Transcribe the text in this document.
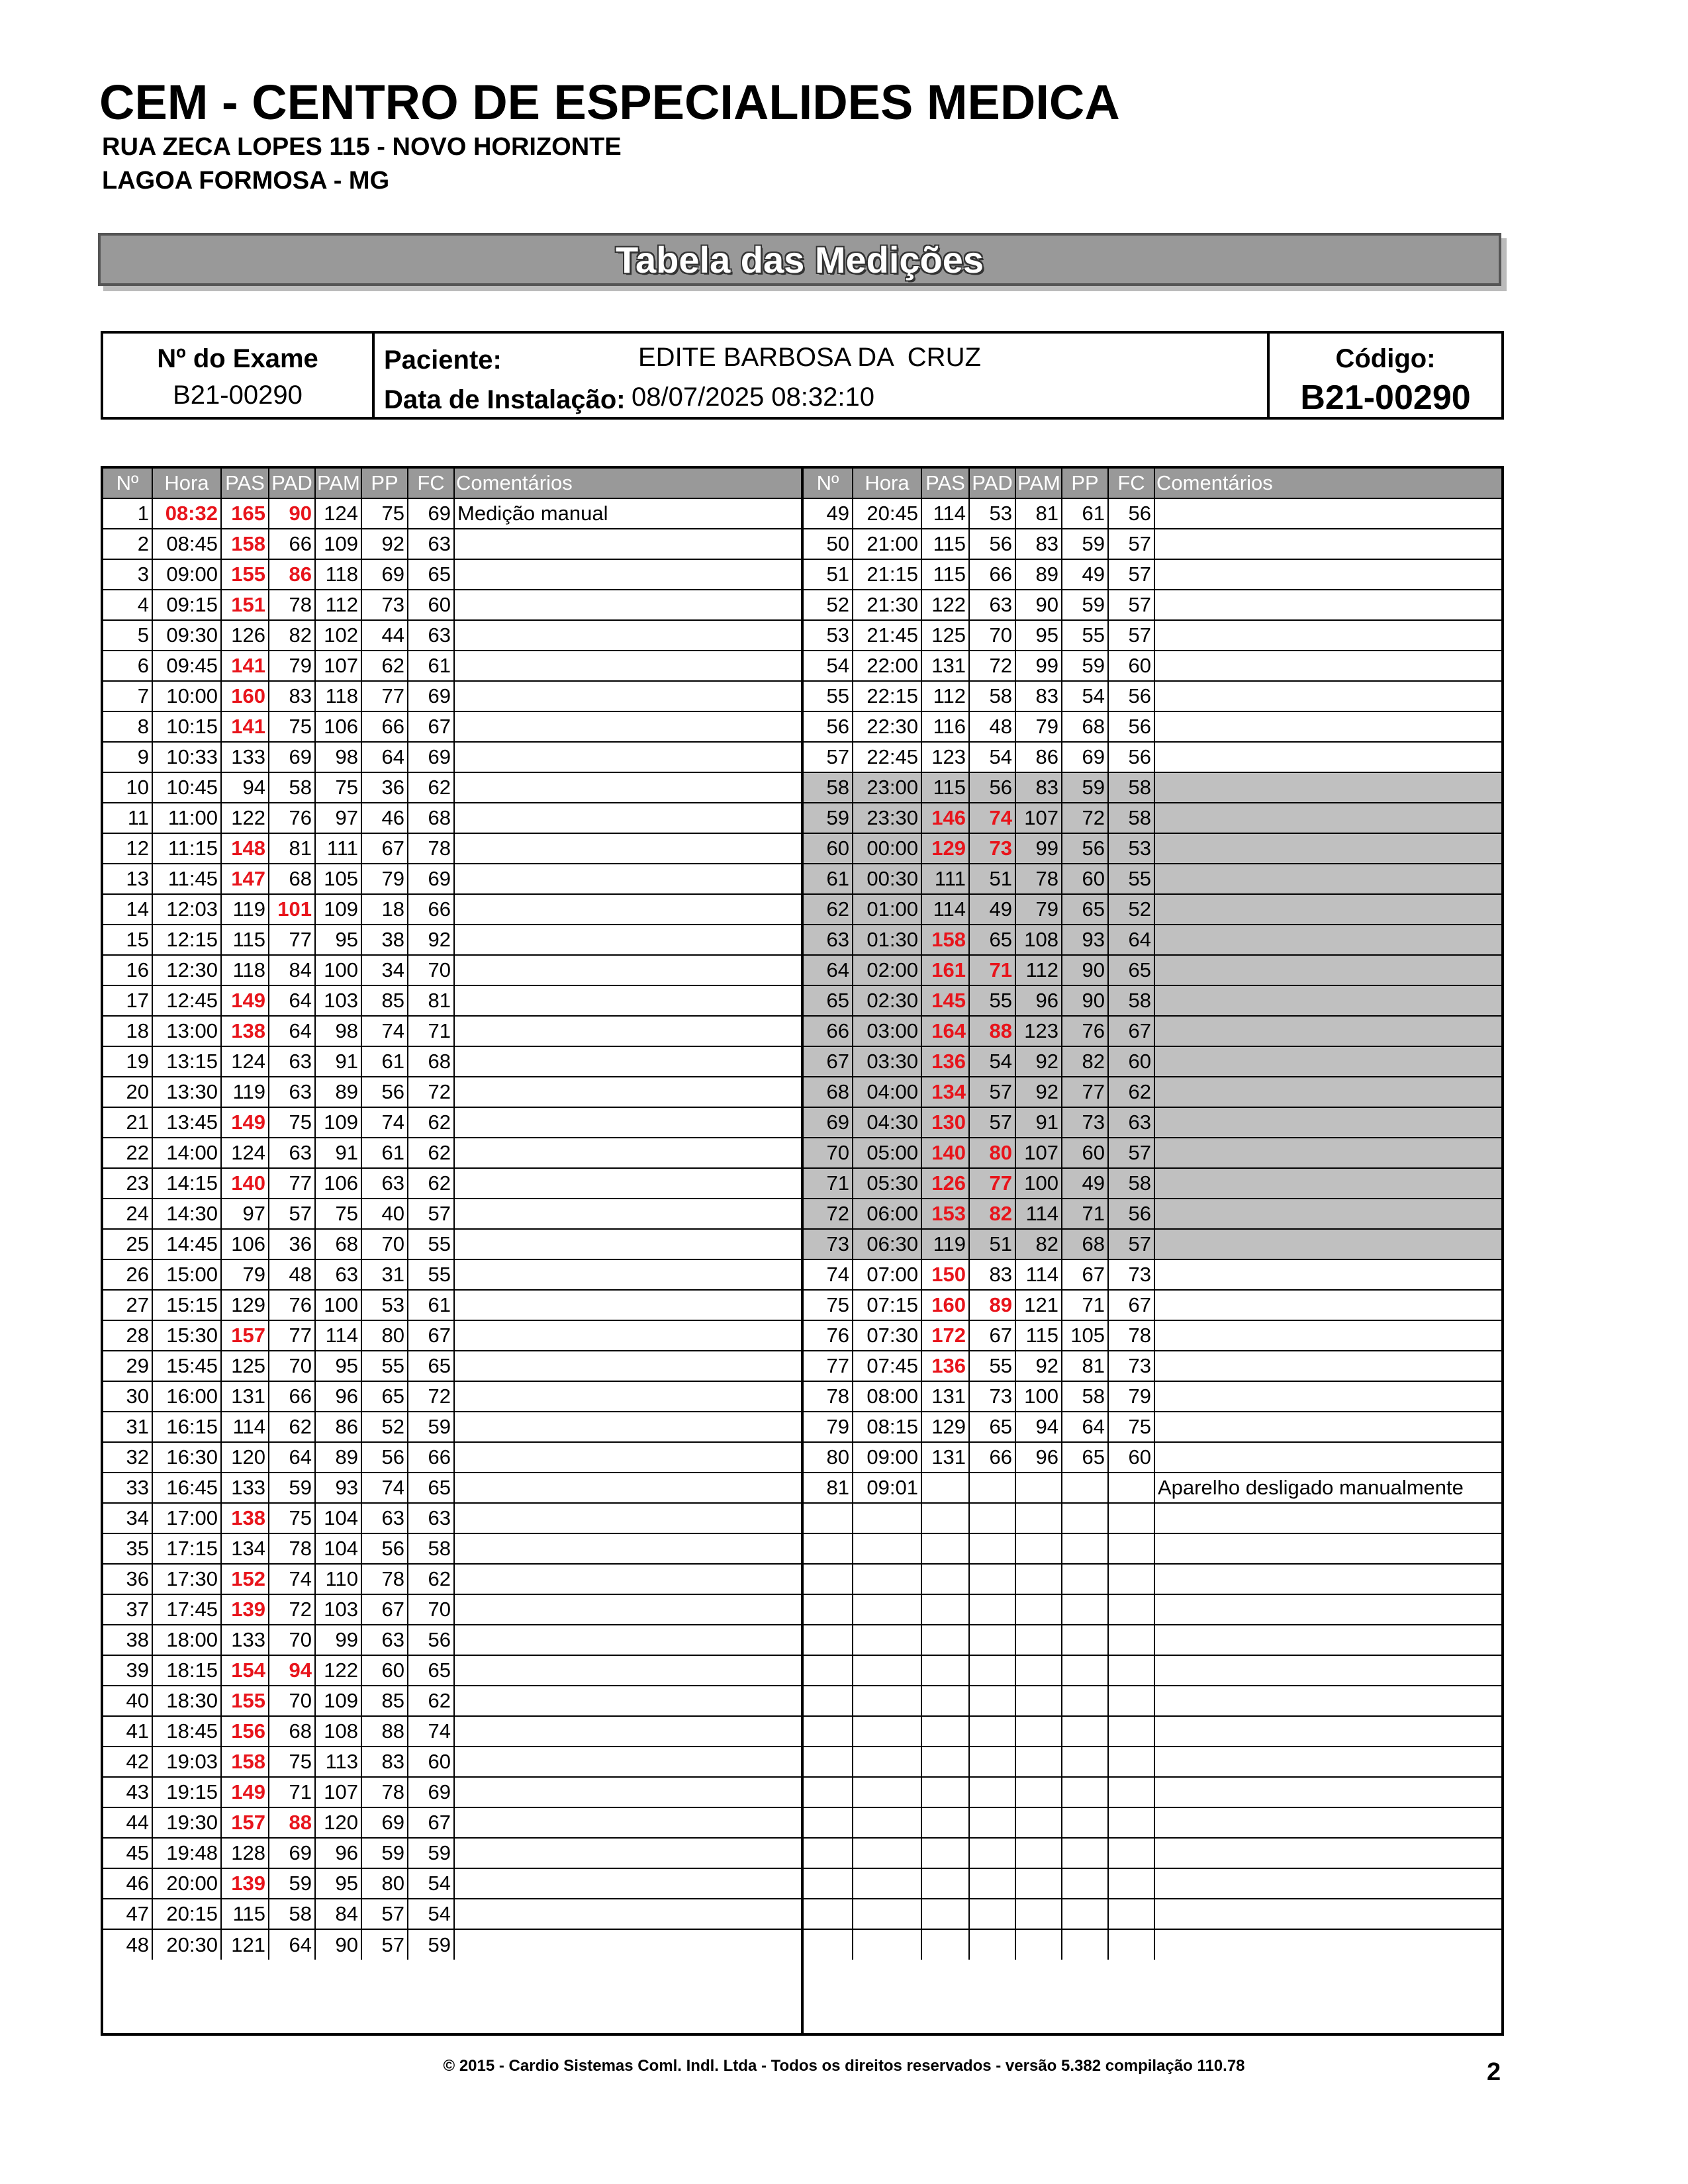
CEM - CENTRO DE ESPECIALIDES MEDICA
RUA ZECA LOPES 115 - NOVO HORIZONTE
LAGOA FORMOSA - MG
Tabela das Medições
Nº do Exame
B21-00290
Paciente:	EDITE BARBOSA DA  CRUZ
Data de Instalação: 08/07/2025 08:32:10
Código:
B21-00290
Nº	Hora	PAS	PAD	PAM	PP	FC	Comentários
1	08:32	165	90	124	75	69	Medição manual
2	08:45	158	66	109	92	63	
3	09:00	155	86	118	69	65	
4	09:15	151	78	112	73	60	
5	09:30	126	82	102	44	63	
6	09:45	141	79	107	62	61	
7	10:00	160	83	118	77	69	
8	10:15	141	75	106	66	67	
9	10:33	133	69	98	64	69	
10	10:45	94	58	75	36	62	
11	11:00	122	76	97	46	68	
12	11:15	148	81	111	67	78	
13	11:45	147	68	105	79	69	
14	12:03	119	101	109	18	66	
15	12:15	115	77	95	38	92	
16	12:30	118	84	100	34	70	
17	12:45	149	64	103	85	81	
18	13:00	138	64	98	74	71	
19	13:15	124	63	91	61	68	
20	13:30	119	63	89	56	72	
21	13:45	149	75	109	74	62	
22	14:00	124	63	91	61	62	
23	14:15	140	77	106	63	62	
24	14:30	97	57	75	40	57	
25	14:45	106	36	68	70	55	
26	15:00	79	48	63	31	55	
27	15:15	129	76	100	53	61	
28	15:30	157	77	114	80	67	
29	15:45	125	70	95	55	65	
30	16:00	131	66	96	65	72	
31	16:15	114	62	86	52	59	
32	16:30	120	64	89	56	66	
33	16:45	133	59	93	74	65	
34	17:00	138	75	104	63	63	
35	17:15	134	78	104	56	58	
36	17:30	152	74	110	78	62	
37	17:45	139	72	103	67	70	
38	18:00	133	70	99	63	56	
39	18:15	154	94	122	60	65	
40	18:30	155	70	109	85	62	
41	18:45	156	68	108	88	74	
42	19:03	158	75	113	83	60	
43	19:15	149	71	107	78	69	
44	19:30	157	88	120	69	67	
45	19:48	128	69	96	59	59	
46	20:00	139	59	95	80	54	
47	20:15	115	58	84	57	54	
48	20:30	121	64	90	57	59	
Nº	Hora	PAS	PAD	PAM	PP	FC	Comentários
49	20:45	114	53	81	61	56	
50	21:00	115	56	83	59	57	
51	21:15	115	66	89	49	57	
52	21:30	122	63	90	59	57	
53	21:45	125	70	95	55	57	
54	22:00	131	72	99	59	60	
55	22:15	112	58	83	54	56	
56	22:30	116	48	79	68	56	
57	22:45	123	54	86	69	56	
58	23:00	115	56	83	59	58	
59	23:30	146	74	107	72	58	
60	00:00	129	73	99	56	53	
61	00:30	111	51	78	60	55	
62	01:00	114	49	79	65	52	
63	01:30	158	65	108	93	64	
64	02:00	161	71	112	90	65	
65	02:30	145	55	96	90	58	
66	03:00	164	88	123	76	67	
67	03:30	136	54	92	82	60	
68	04:00	134	57	92	77	62	
69	04:30	130	57	91	73	63	
70	05:00	140	80	107	60	57	
71	05:30	126	77	100	49	58	
72	06:00	153	82	114	71	56	
73	06:30	119	51	82	68	57	
74	07:00	150	83	114	67	73	
75	07:15	160	89	121	71	67	
76	07:30	172	67	115	105	78	
77	07:45	136	55	92	81	73	
78	08:00	131	73	100	58	79	
79	08:15	129	65	94	64	75	
80	09:00	131	66	96	65	60	
81	09:01						Aparelho desligado manualmente

© 2015 - Cardio Sistemas Coml. Indl. Ltda - Todos os direitos reservados - versão 5.382 compilação 110.78	2
